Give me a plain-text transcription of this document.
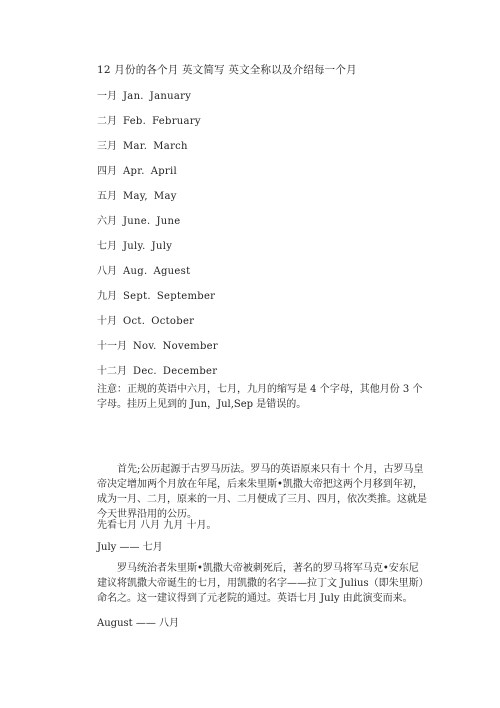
12 月份的各个月 英文简写 英文全称以及介绍每一个月
一月 Jan. January
二月 Feb. February
三月 Mar. March
四月 Apr. April
五月 May, May
六月 June. June
七月 July. July
八月 Aug. Aguest
九月 Sept. September
十月 Oct. October
十一月 Nov. November
十二月 Dec. December

注意：正规的英语中六月，七月，九月的缩写是 4 个字母，其他月份 3 个字母。挂历上见到的 Jun，Jul,Sep 是错误的。

首先;公历起源于古罗马历法。罗马的英语原来只有十 个月，古罗马皇帝决定增加两个月放在年尾，后来朱里斯•凯撒大帝把这两个月移到年初，成为一月、二月，原来的一月、二月便成了三月、四月，依次类推。这就是今天世界沿用的公历。

先看七月 八月 九月 十月。
July —— 七月

罗马统治者朱里斯•凯撒大帝被刺死后，著名的罗马将军马克•安东尼建议将凯撒大帝诞生的七月，用凯撒的名字——拉丁文 Julius（即朱里斯）命名之。这一建议得到了元老院的通过。英语七月 July 由此演变而来。

August —— 八月
